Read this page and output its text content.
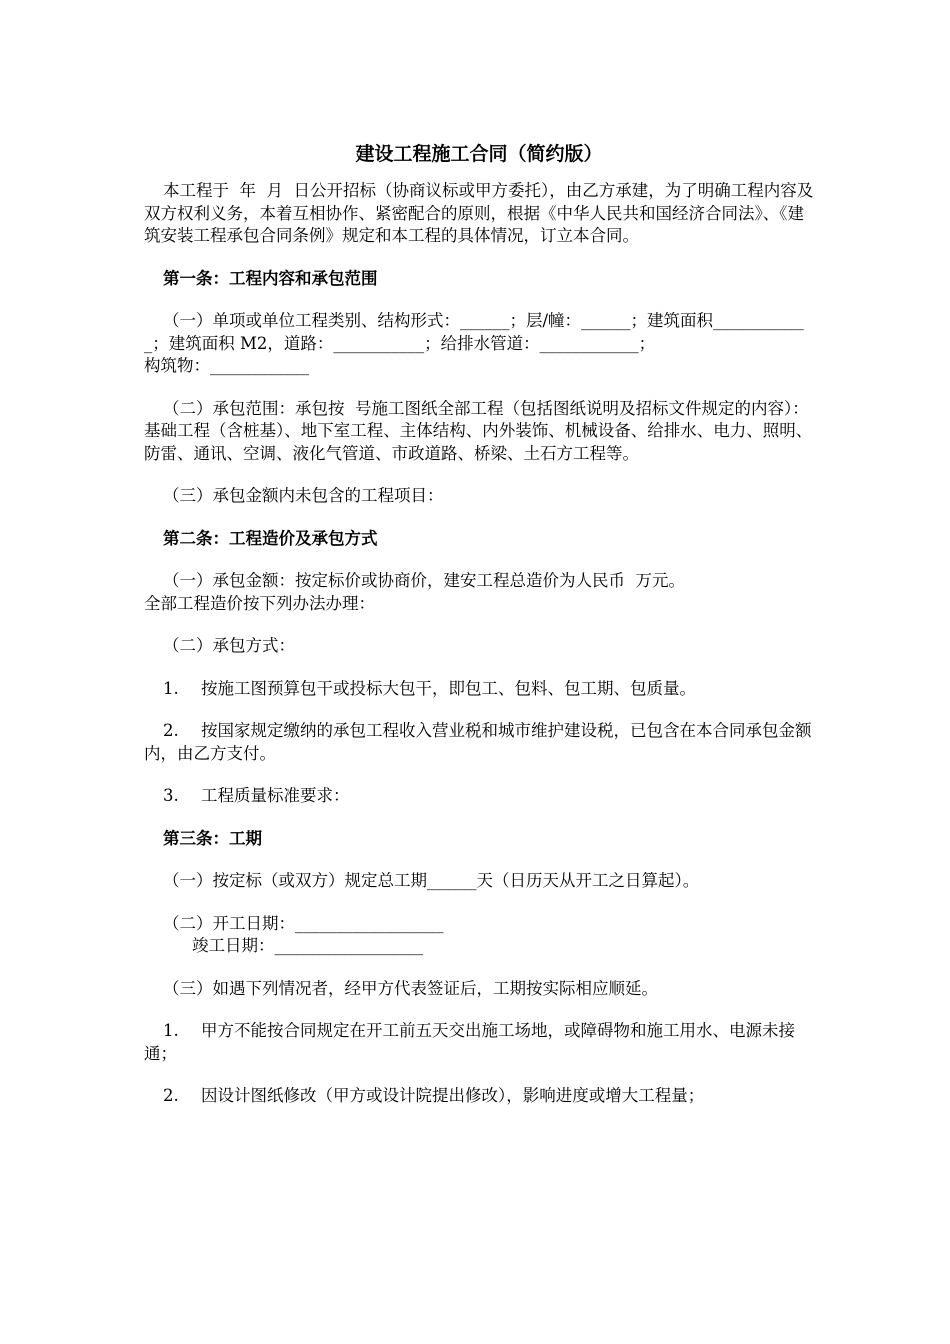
建设工程施工合同（简约版）

本工程于  年  月  日公开招标（协商议标或甲方委托），由乙方承建，为了明确工程内容及双方权利义务，本着互相协作、紧密配合的原则，根据《中华人民共和国经济合同法》、《建筑安装工程承包合同条例》规定和本工程的具体情况，订立本合同。

第一条：工程内容和承包范围

（一）单项或单位工程类别、结构形式：______；层/幢：______；建筑面积____________；建筑面积 M2，道路：___________；给排水管道：____________；

构筑物：____________

（二）承包范围：承包按  号施工图纸全部工程（包括图纸说明及招标文件规定的内容）：基础工程（含桩基）、地下室工程、主体结构、内外装饰、机械设备、给排水、电力、照明、防雷、通讯、空调、液化气管道、市政道路、桥梁、土石方工程等。

（三）承包金额内未包含的工程项目：

第二条：工程造价及承包方式

（一）承包金额：按定标价或协商价，建安工程总造价为人民币  万元。

全部工程造价按下列办法办理：

（二）承包方式：

1. 按施工图预算包干或投标大包干，即包工、包料、包工期、包质量。

2. 按国家规定缴纳的承包工程收入营业税和城市维护建设税，已包含在本合同承包金额内，由乙方支付。

3. 工程质量标准要求：

第三条：工期

（一）按定标（或双方）规定总工期______天（日历天从开工之日算起）。

（二）开工日期：__________________

竣工日期：__________________

（三）如遇下列情况者，经甲方代表签证后，工期按实际相应顺延。

1. 甲方不能按合同规定在开工前五天交出施工场地，或障碍物和施工用水、电源未接通；

2. 因设计图纸修改（甲方或设计院提出修改），影响进度或增大工程量；
